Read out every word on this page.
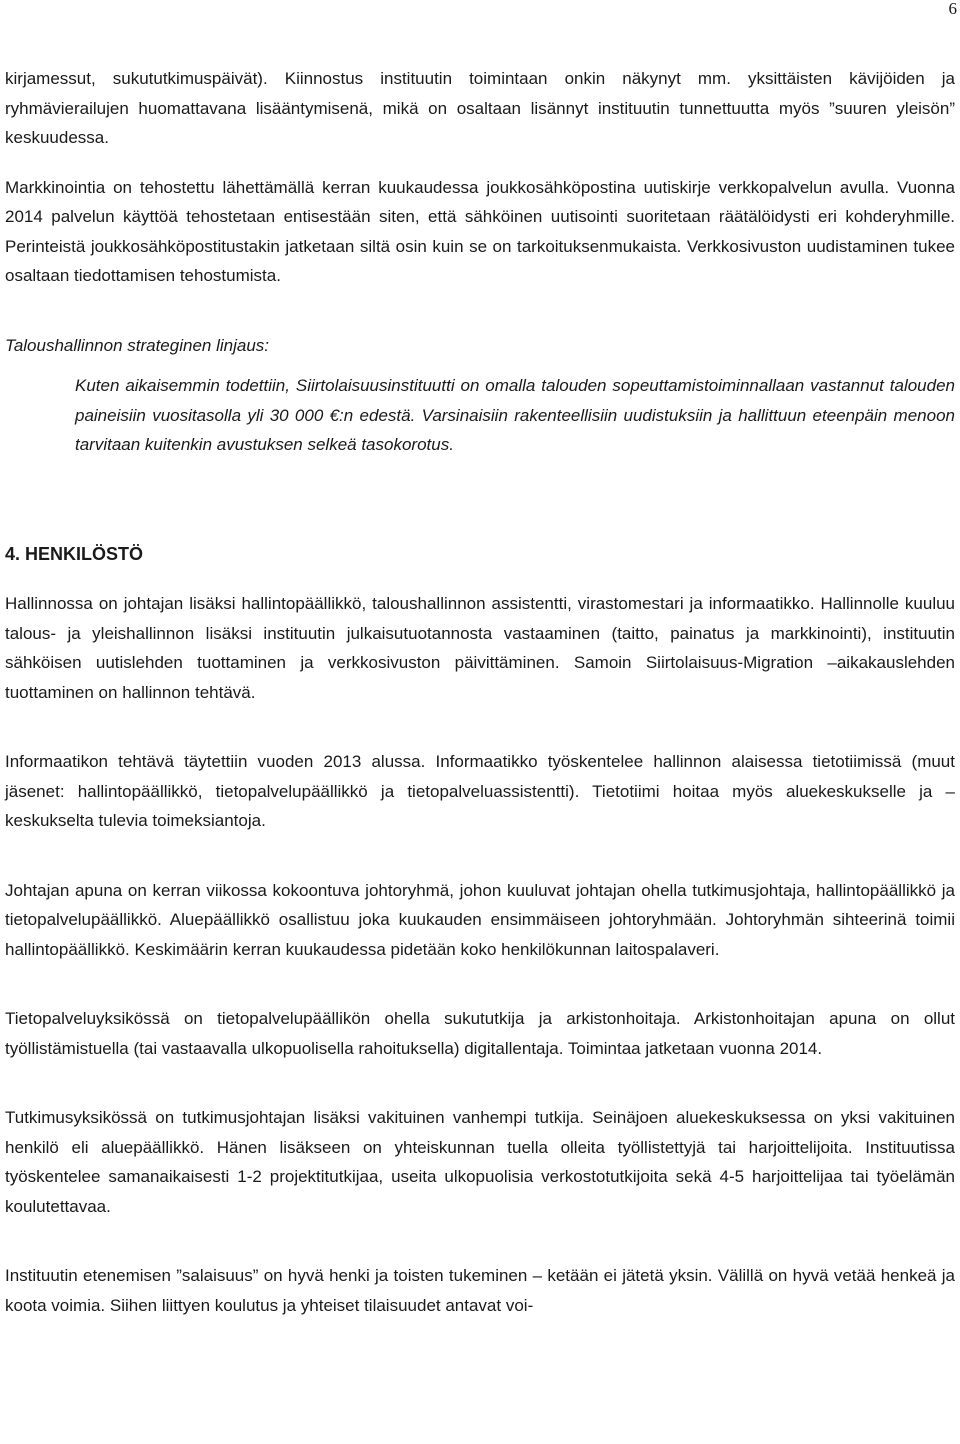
6

kirjamessut, sukututkimuspäivät). Kiinnostus instituutin toimintaan onkin näkynyt mm. yksittäisten kävijöiden ja ryhmävierailujen huomattavana lisääntymisenä, mikä on osaltaan lisännyt instituutin tunnettuutta myös ”suuren yleisön” keskuudessa.

Markkinointia on tehostettu lähettämällä kerran kuukaudessa joukkosähköpostina uutiskirje verkkopalvelun avulla. Vuonna 2014 palvelun käyttöä tehostetaan entisestään siten, että sähköinen uutisointi suoritetaan räätälöidysti eri kohderyhmille. Perinteistä joukkosähköpostitustakin jatketaan siltä osin kuin se on tarkoituksenmukaista. Verkkosivuston uudistaminen tukee osaltaan tiedottamisen tehostumista.

Taloushallinnon strateginen linjaus:

Kuten aikaisemmin todettiin, Siirtolaisuusinstituutti on omalla talouden sopeuttamistoiminnallaan vastannut talouden paineisiin vuositasolla yli 30 000 €:n edestä. Varsinaisiin rakenteellisiin uudistuksiin ja hallittuun eteenpäin menoon tarvitaan kuitenkin avustuksen selkeä tasokorotus.

4. HENKILÖSTÖ

Hallinnossa on johtajan lisäksi hallintopäällikkö, taloushallinnon assistentti, virastomestari ja informaatikko. Hallinnolle kuuluu talous- ja yleishallinnon lisäksi instituutin julkaisutuotannosta vastaaminen (taitto, painatus ja markkinointi), instituutin sähköisen uutislehden tuottaminen ja verkkosivuston päivittäminen. Samoin Siirtolaisuus-Migration –aikakauslehden tuottaminen on hallinnon tehtävä.

Informaatikon tehtävä täytettiin vuoden 2013 alussa. Informaatikko työskentelee hallinnon alaisessa tietotiimissä (muut jäsenet: hallintopäällikkö, tietopalvelupäällikkö ja tietopalveluassistentti). Tietotiimi hoitaa myös aluekeskukselle ja –keskukselta tulevia toimeksiantoja.

Johtajan apuna on kerran viikossa kokoontuva johtoryhmä, johon kuuluvat johtajan ohella tutkimusjohtaja, hallintopäällikkö ja tietopalvelupäällikkö. Aluepäällikkö osallistuu joka kuukauden ensimmäiseen johtoryhmään. Johtoryhmän sihteerinä toimii hallintopäällikkö. Keskimäärin kerran kuukaudessa pidetään koko henkilökunnan laitospalaveri.

Tietopalveluyksikössä on tietopalvelupäällikön ohella sukututkija ja arkistonhoitaja. Arkistonhoitajan apuna on ollut työllistämistuella (tai vastaavalla ulkopuolisella rahoituksella) digitallentaja. Toimintaa jatketaan vuonna 2014.

Tutkimusyksikössä on tutkimusjohtajan lisäksi vakituinen vanhempi tutkija. Seinäjoen aluekeskuksessa on yksi vakituinen henkilö eli aluepäällikkö. Hänen lisäkseen on yhteiskunnan tuella olleita työllistettyjä tai harjoittelijoita. Instituutissa työskentelee samanaikaisesti 1-2 projektitutkijaa, useita ulkopuolisia verkostotutkijoita sekä 4-5 harjoittelijaa tai työelämän koulutettavaa.

Instituutin etenemisen ”salaisuus” on hyvä henki ja toisten tukeminen – ketään ei jätetä yksin. Välillä on hyvä vetää henkeä ja koota voimia. Siihen liittyen koulutus ja yhteiset tilaisuudet antavat voi-
